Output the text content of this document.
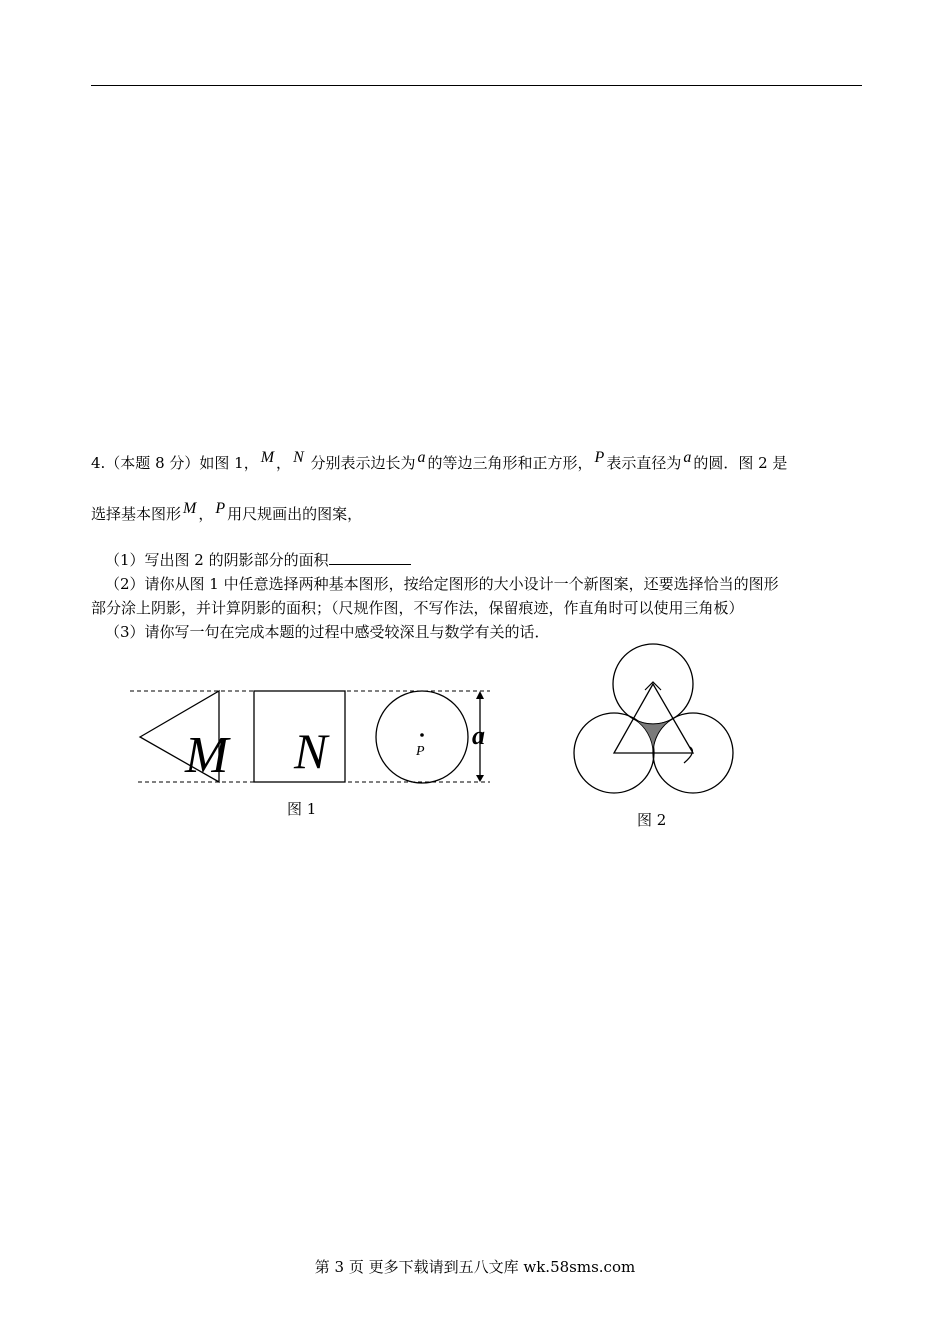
4.（本题 8 分）如图 1， M ， N 分别表示边长为 a 的等边三角形和正方形， P 表示直径为 a 的圆．图 2 是
选择基本图形 M ， P 用尺规画出的图案，
（1）写出图 2 的阴影部分的面积
（2）请你从图 1 中任意选择两种基本图形，按给定图形的大小设计一个新图案，还要选择恰当的图形
部分涂上阴影，并计算阴影的面积；（尺规作图，不写作法，保留痕迹，作直角时可以使用三角板）
（3）请你写一句在完成本题的过程中感受较深且与数学有关的话．
M N	P
a
图 1
图 2
第 3 页 更多下载请到五八文库 wk.58sms.com
